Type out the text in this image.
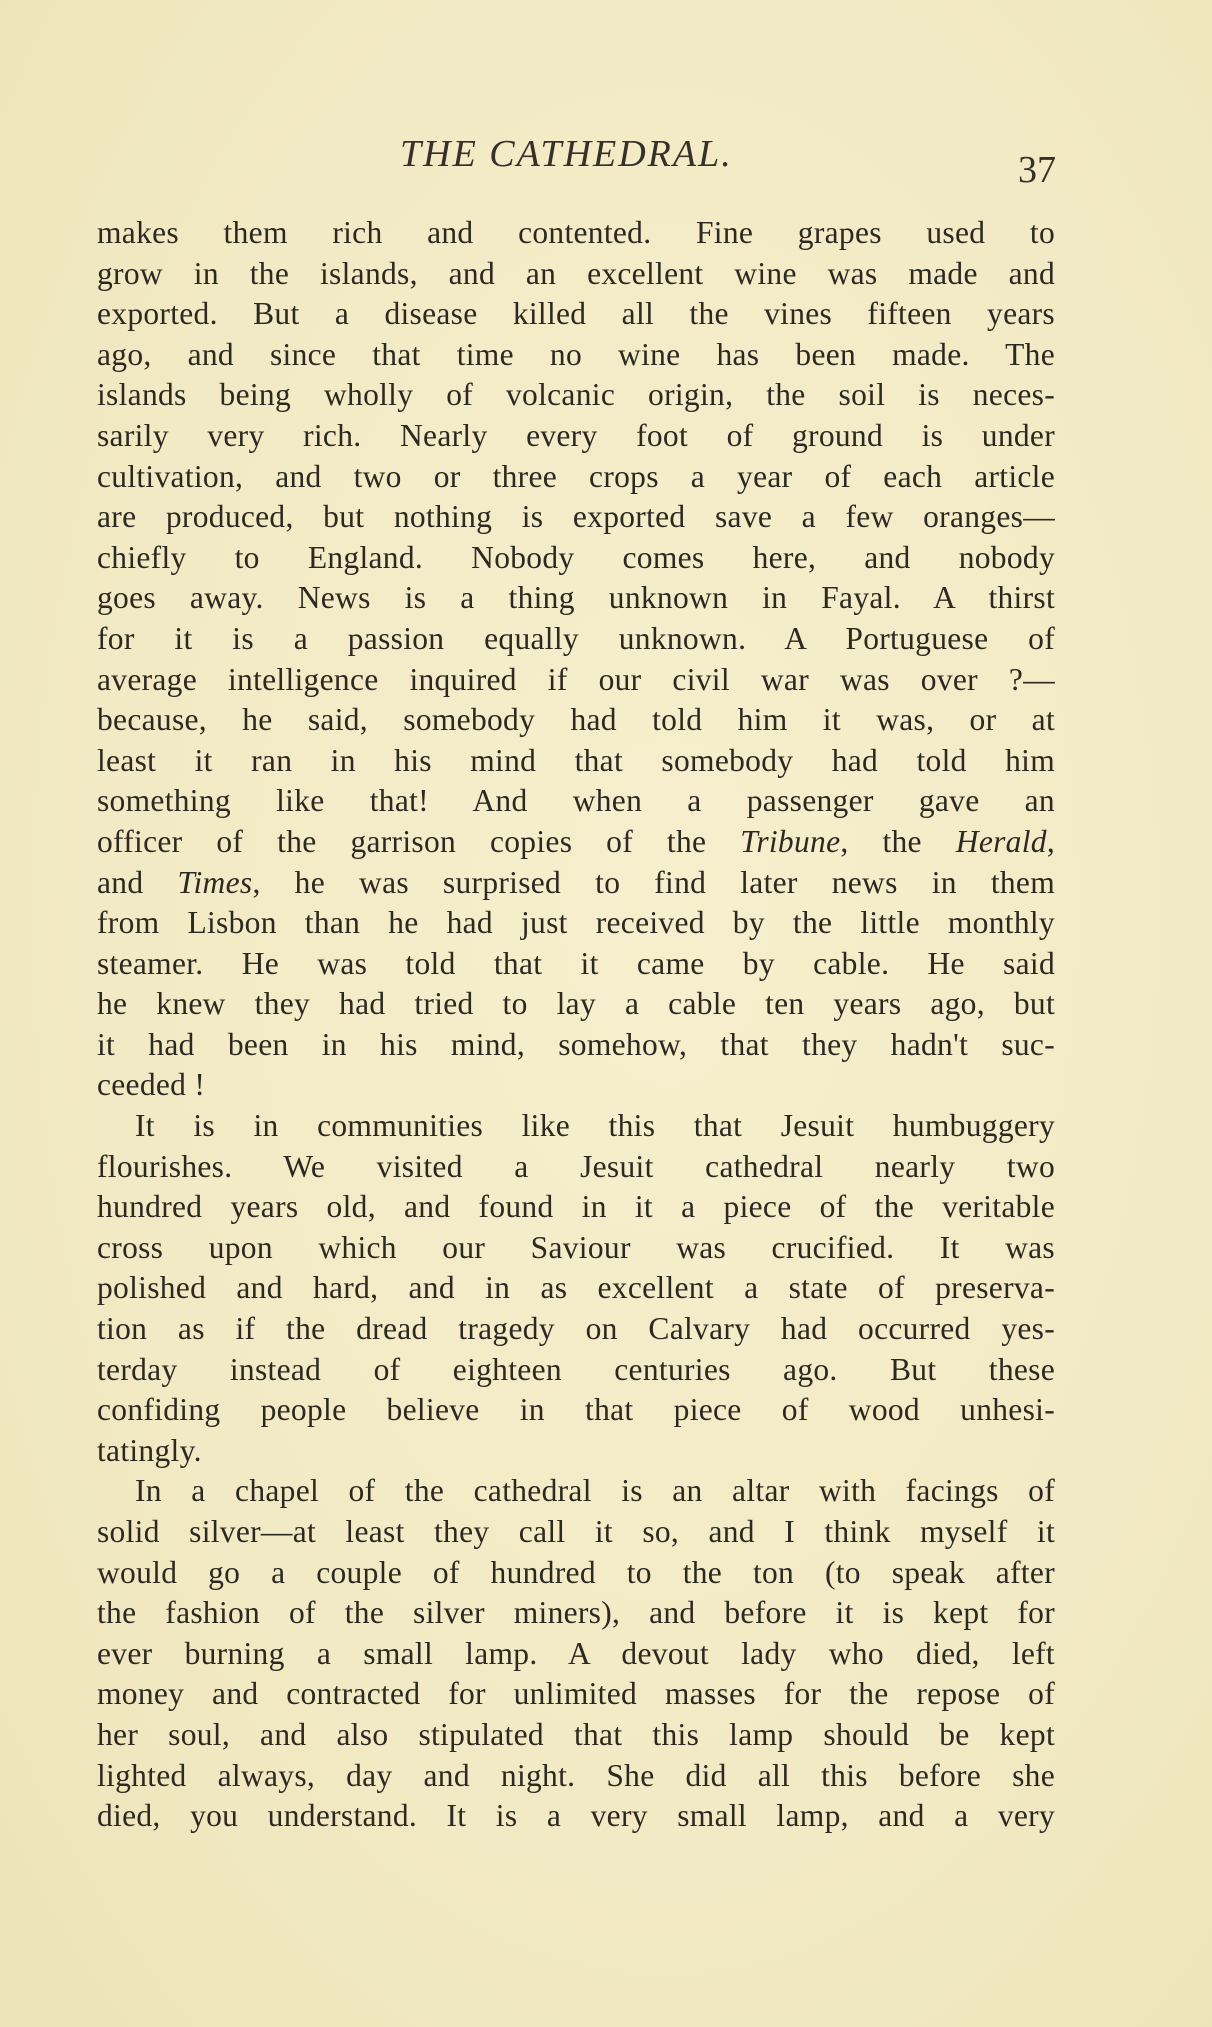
THE CATHEDRAL.	37
makes them rich and contented. Fine grapes used to
grow in the islands, and an excellent wine was made and
exported. But a disease killed all the vines fifteen years
ago, and since that time no wine has been made. The
islands being wholly of volcanic origin, the soil is neces-
sarily very rich. Nearly every foot of ground is under
cultivation, and two or three crops a year of each article
are produced, but nothing is exported save a few oranges—
chiefly to England. Nobody comes here, and nobody
goes away. News is a thing unknown in Fayal. A thirst
for it is a passion equally unknown. A Portuguese of
average intelligence inquired if our civil war was over ?—
because, he said, somebody had told him it was, or at
least it ran in his mind that somebody had told him
something like that! And when a passenger gave an
officer of the garrison copies of the Tribune, the Herald,
and Times, he was surprised to find later news in them
from Lisbon than he had just received by the little monthly
steamer. He was told that it came by cable. He said
he knew they had tried to lay a cable ten years ago, but
it had been in his mind, somehow, that they hadn't suc-
ceeded !
It is in communities like this that Jesuit humbuggery
flourishes. We visited a Jesuit cathedral nearly two
hundred years old, and found in it a piece of the veritable
cross upon which our Saviour was crucified. It was
polished and hard, and in as excellent a state of preserva-
tion as if the dread tragedy on Calvary had occurred yes-
terday instead of eighteen centuries ago. But these
confiding people believe in that piece of wood unhesi-
tatingly.
In a chapel of the cathedral is an altar with facings of
solid silver—at least they call it so, and I think myself it
would go a couple of hundred to the ton (to speak after
the fashion of the silver miners), and before it is kept for
ever burning a small lamp. A devout lady who died, left
money and contracted for unlimited masses for the repose of
her soul, and also stipulated that this lamp should be kept
lighted always, day and night. She did all this before she
died, you understand. It is a very small lamp, and a very
